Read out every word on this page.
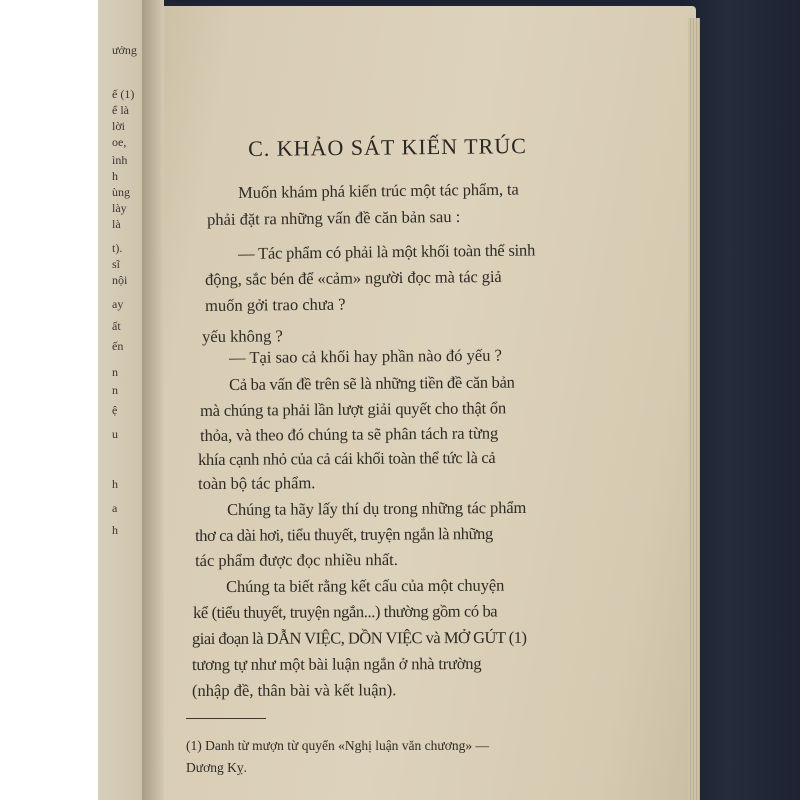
ưởng
ế (1)
ể là
lời
oe,
ình
h
ùng
lày
là
t).
sĩ
nội
ay
ất
ến
n
n
ệ
u
h
a
h
C. KHẢO SÁT KIẾN TRÚC
Muốn khám phá kiến trúc một tác phẩm, ta
phải đặt ra những vấn đề căn bản sau :
— Tác phẩm có phải là một khối toàn thể sinh
động, sắc bén để «cảm» người đọc mà tác giả
muốn gởi trao chưa ?
yếu không ?
— Tại sao cả khối hay phần nào đó yếu ?
Cả ba vấn đề trên sẽ là những tiền đề căn bản
mà chúng ta phải lần lượt giải quyết cho thật ổn
thỏa, và theo đó chúng ta sẽ phân tách ra từng
khía cạnh nhỏ của cả cái khối toàn thể tức là cả
toàn bộ tác phẩm.
Chúng ta hãy lấy thí dụ trong những tác phẩm
thơ ca dài hơi, tiểu thuyết, truyện ngắn là những
tác phẩm được đọc nhiều nhất.
Chúng ta biết rằng kết cấu của một chuyện
kể (tiểu thuyết, truyện ngắn...) thường gồm có ba
giai đoạn là DẪN VIỆC, DỒN VIỆC và MỞ GÚT (1)
tương tự như một bài luận ngắn ở nhà trường
(nhập đề, thân bài và kết luận).
(1) Danh từ mượn từ quyển «Nghị luận văn chương» —
Dương Kỵ.
